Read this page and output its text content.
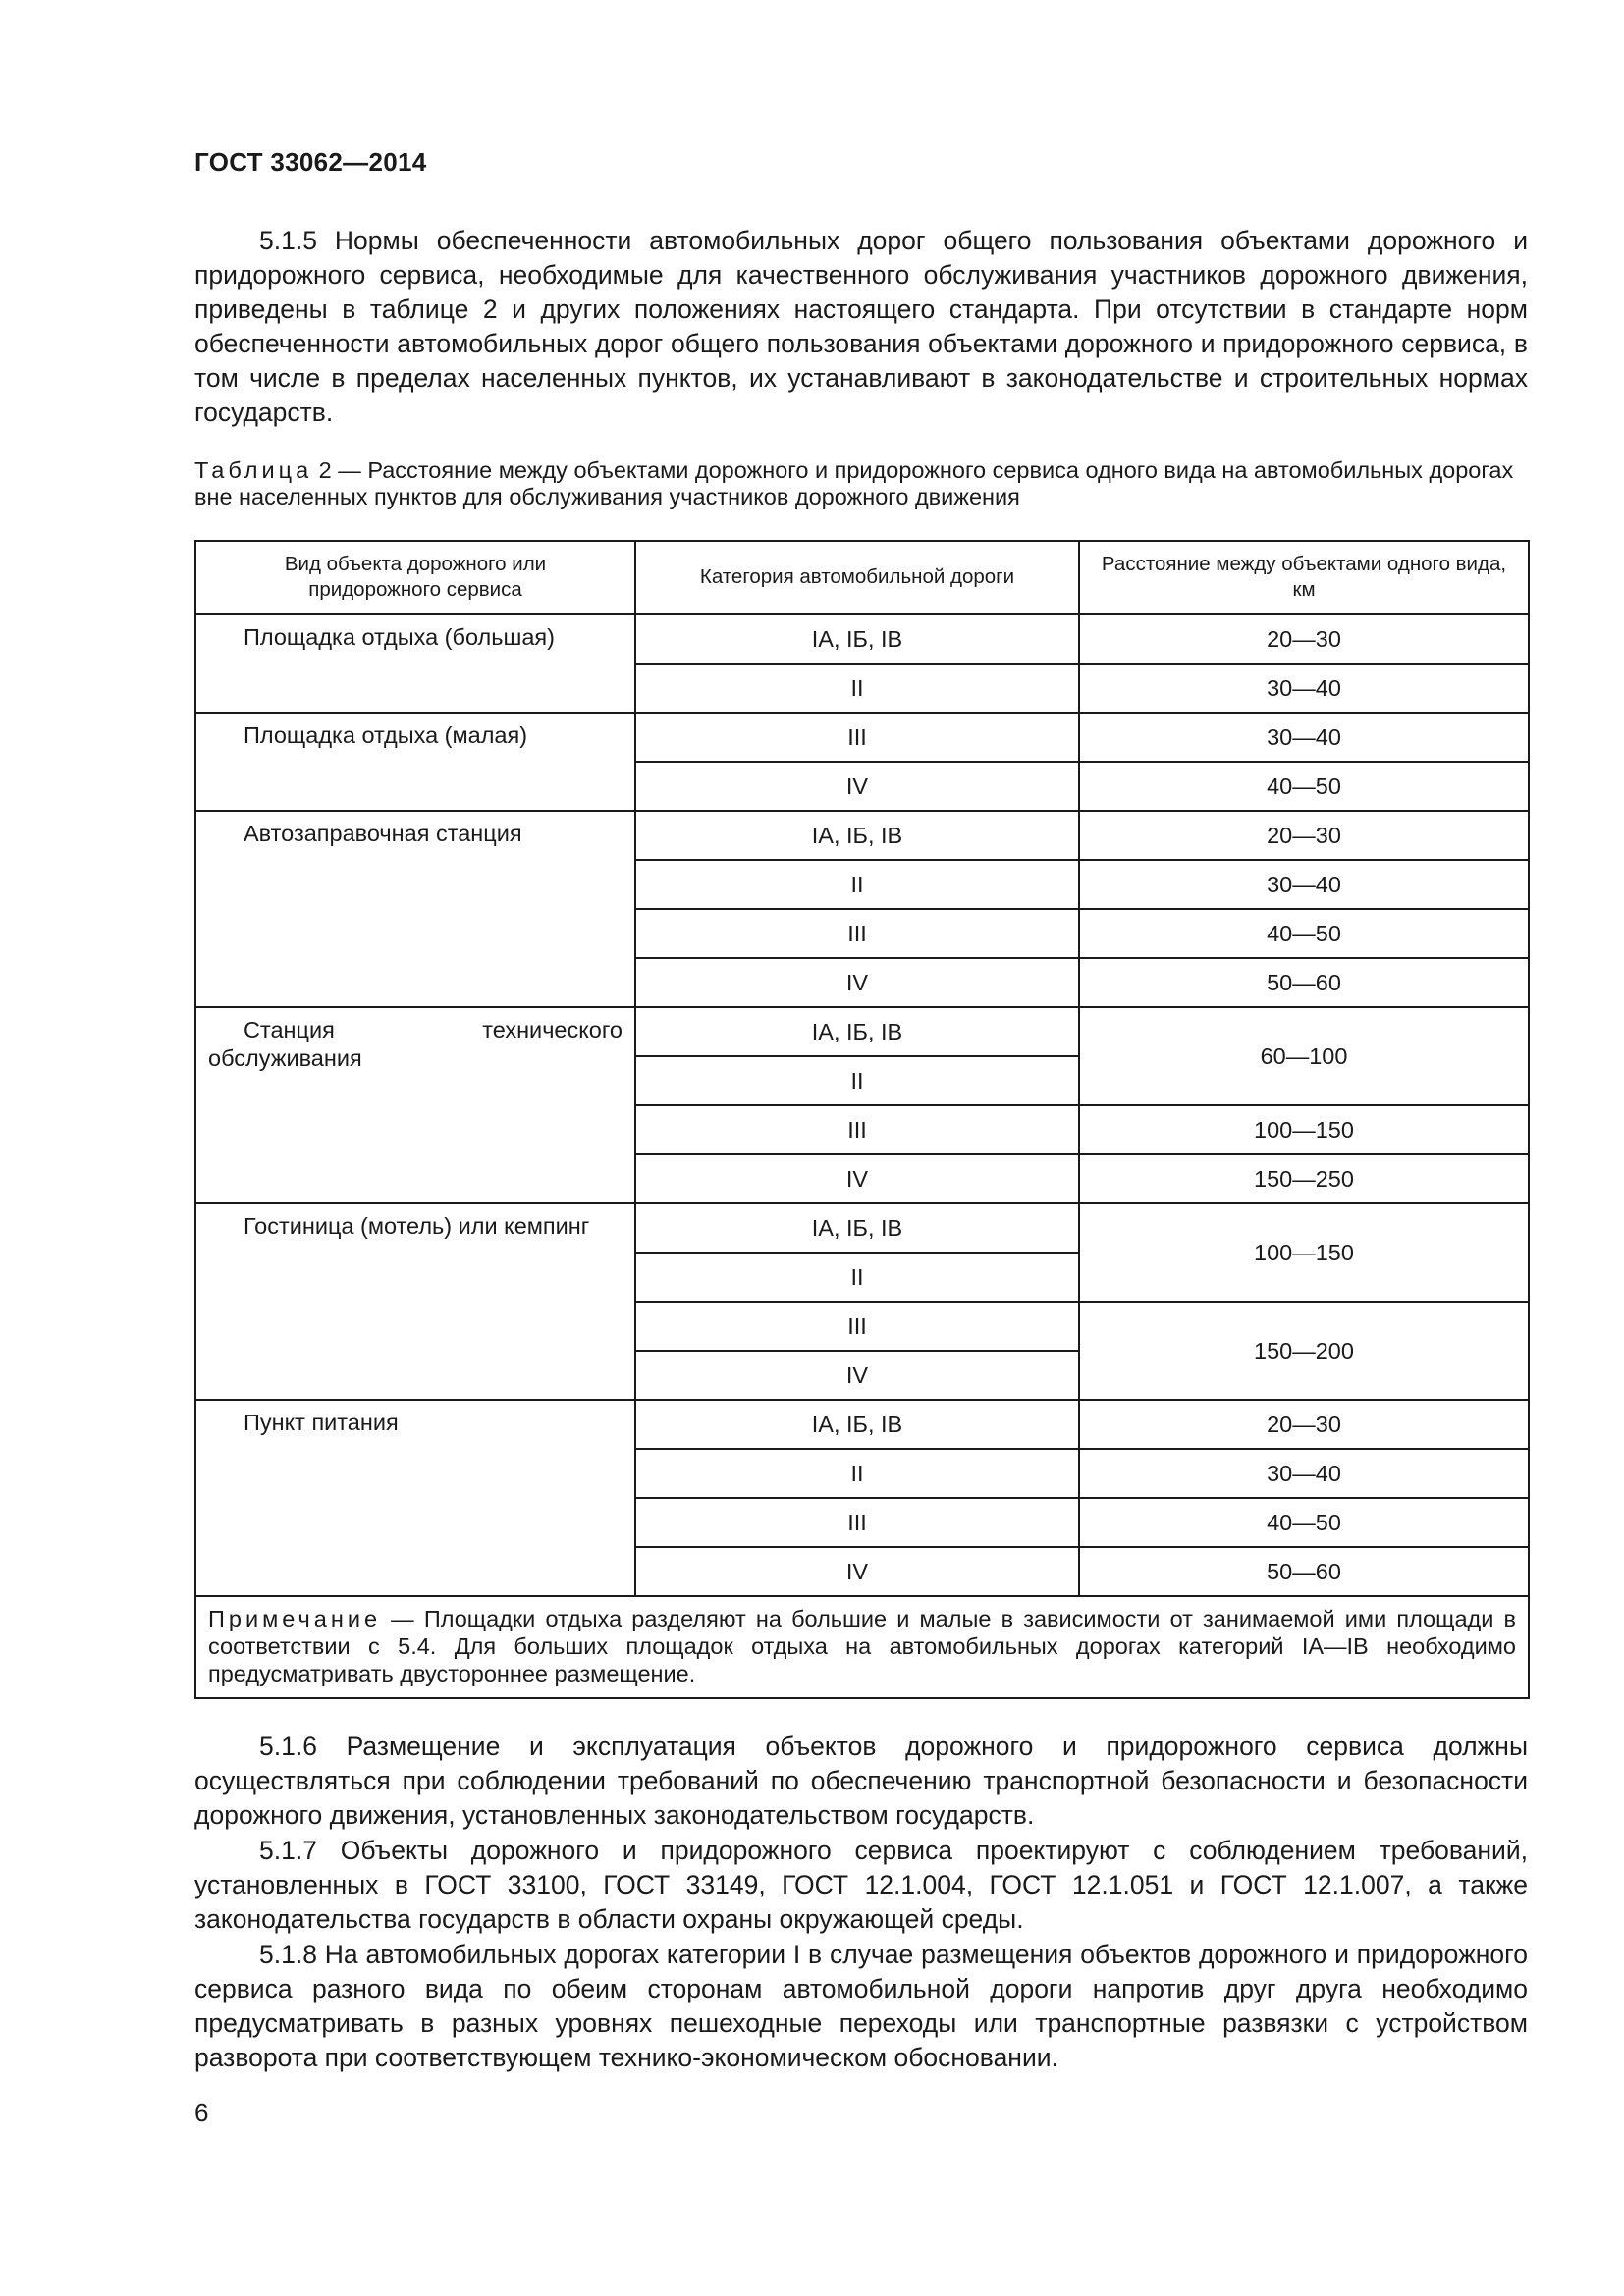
ГОСТ 33062—2014

5.1.5 Нормы обеспеченности автомобильных дорог общего пользования объектами дорожного и придорожного сервиса, необходимые для качественного обслуживания участников дорожного движения, приведены в таблице 2 и других положениях настоящего стандарта. При отсутствии в стандарте норм обеспеченности автомобильных дорог общего пользования объектами дорожного и придорожного сервиса, в том числе в пределах населенных пунктов, их устанавливают в законодательстве и строительных нормах государств.

Таблица 2 — Расстояние между объектами дорожного и придорожного сервиса одного вида на автомобильных дорогах вне населенных пунктов для обслуживания участников дорожного движения
Вид объекта дорожного или придорожного сервиса	Категория автомобильной дороги	Расстояние между объектами одного вида, км
Площадка отдыха (большая)	IA, IБ, IB	20—30
	II	30—40
Площадка отдыха (малая)	III	30—40
	IV	40—50
Автозаправочная станция	IA, IБ, IB	20—30
	II	30—40
	III	40—50
	IV	50—60
Станция технического обслуживания	IA, IБ, IB	60—100
	II	
	III	100—150
	IV	150—250
Гостиница (мотель) или кемпинг	IA, IБ, IB	100—150
	II	
	III	150—200
	IV	
Пункт питания	IA, IБ, IB	20—30
	II	30—40
	III	40—50
	IV	50—60
Примечание — Площадки отдыха разделяют на большие и малые в зависимости от занимаемой ими площади в соответствии с 5.4. Для больших площадок отдыха на автомобильных дорогах категорий IA—IB необходимо предусматривать двустороннее размещение.		

5.1.6 Размещение и эксплуатация объектов дорожного и придорожного сервиса должны осуществляться при соблюдении требований по обеспечению транспортной безопасности и безопасности дорожного движения, установленных законодательством государств.

5.1.7 Объекты дорожного и придорожного сервиса проектируют с соблюдением требований, установленных в ГОСТ 33100, ГОСТ 33149, ГОСТ 12.1.004, ГОСТ 12.1.051 и ГОСТ 12.1.007, а также законодательства государств в области охраны окружающей среды.

5.1.8 На автомобильных дорогах категории I в случае размещения объектов дорожного и придорожного сервиса разного вида по обеим сторонам автомобильной дороги напротив друг друга необходимо предусматривать в разных уровнях пешеходные переходы или транспортные развязки с устройством разворота при соответствующем технико-экономическом обосновании.

6
